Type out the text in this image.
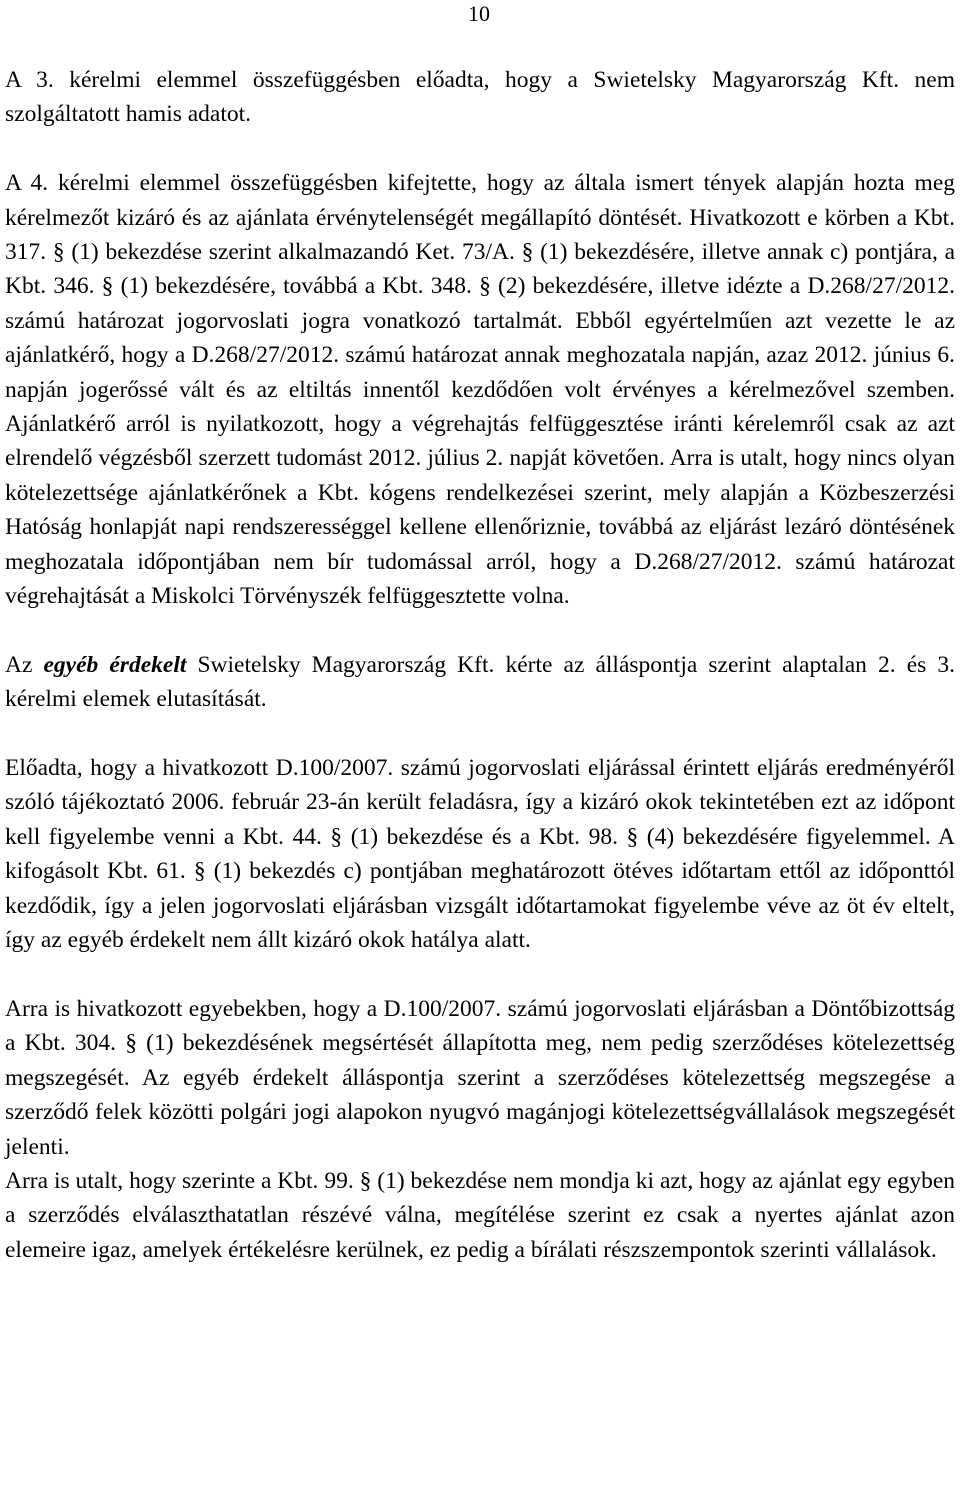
10

A 3. kérelmi elemmel összefüggésben előadta, hogy a Swietelsky Magyarország Kft. nem szolgáltatott hamis adatot.

A 4. kérelmi elemmel összefüggésben kifejtette, hogy az általa ismert tények alapján hozta meg kérelmezőt kizáró és az ajánlata érvénytelenségét megállapító döntését. Hivatkozott e körben a Kbt. 317. § (1) bekezdése szerint alkalmazandó Ket. 73/A. § (1) bekezdésére, illetve annak c) pontjára, a Kbt. 346. § (1) bekezdésére, továbbá a Kbt. 348. § (2) bekezdésére, illetve idézte a D.268/27/2012. számú határozat jogorvoslati jogra vonatkozó tartalmát. Ebből egyértelműen azt vezette le az ajánlatkérő, hogy a D.268/27/2012. számú határozat annak meghozatala napján, azaz 2012. június 6. napján jogerőssé vált és az eltiltás innentől kezdődően volt érvényes a kérelmezővel szemben. Ajánlatkérő arról is nyilatkozott, hogy a végrehajtás felfüggesztése iránti kérelemről csak az azt elrendelő végzésből szerzett tudomást 2012. július 2. napját követően. Arra is utalt, hogy nincs olyan kötelezettsége ajánlatkérőnek a Kbt. kógens rendelkezései szerint, mely alapján a Közbeszerzési Hatóság honlapját napi rendszerességgel kellene ellenőriznie, továbbá az eljárást lezáró döntésének meghozatala időpontjában nem bír tudomással arról, hogy a D.268/27/2012. számú határozat végrehajtását a Miskolci Törvényszék felfüggesztette volna.

Az egyéb érdekelt Swietelsky Magyarország Kft. kérte az álláspontja szerint alaptalan 2. és 3. kérelmi elemek elutasítását.

Előadta, hogy a hivatkozott D.100/2007. számú jogorvoslati eljárással érintett eljárás eredményéről szóló tájékoztató 2006. február 23-án került feladásra, így a kizáró okok tekintetében ezt az időpont kell figyelembe venni a Kbt. 44. § (1) bekezdése és a Kbt. 98. § (4) bekezdésére figyelemmel. A kifogásolt Kbt. 61. § (1) bekezdés c) pontjában meghatározott ötéves időtartam ettől az időponttól kezdődik, így a jelen jogorvoslati eljárásban vizsgált időtartamokat figyelembe véve az öt év eltelt, így az egyéb érdekelt nem állt kizáró okok hatálya alatt.

Arra is hivatkozott egyebekben, hogy a D.100/2007. számú jogorvoslati eljárásban a Döntőbizottság a Kbt. 304. § (1) bekezdésének megsértését állapította meg, nem pedig szerződéses kötelezettség megszegését. Az egyéb érdekelt álláspontja szerint a szerződéses kötelezettség megszegése a szerződő felek közötti polgári jogi alapokon nyugvó magánjogi kötelezettségvállalások megszegését jelenti.

Arra is utalt, hogy szerinte a Kbt. 99. § (1) bekezdése nem mondja ki azt, hogy az ajánlat egy egyben a szerződés elválaszthatatlan részévé válna, megítélése szerint ez csak a nyertes ajánlat azon elemeire igaz, amelyek értékelésre kerülnek, ez pedig a bírálati részszempontok szerinti vállalások.
